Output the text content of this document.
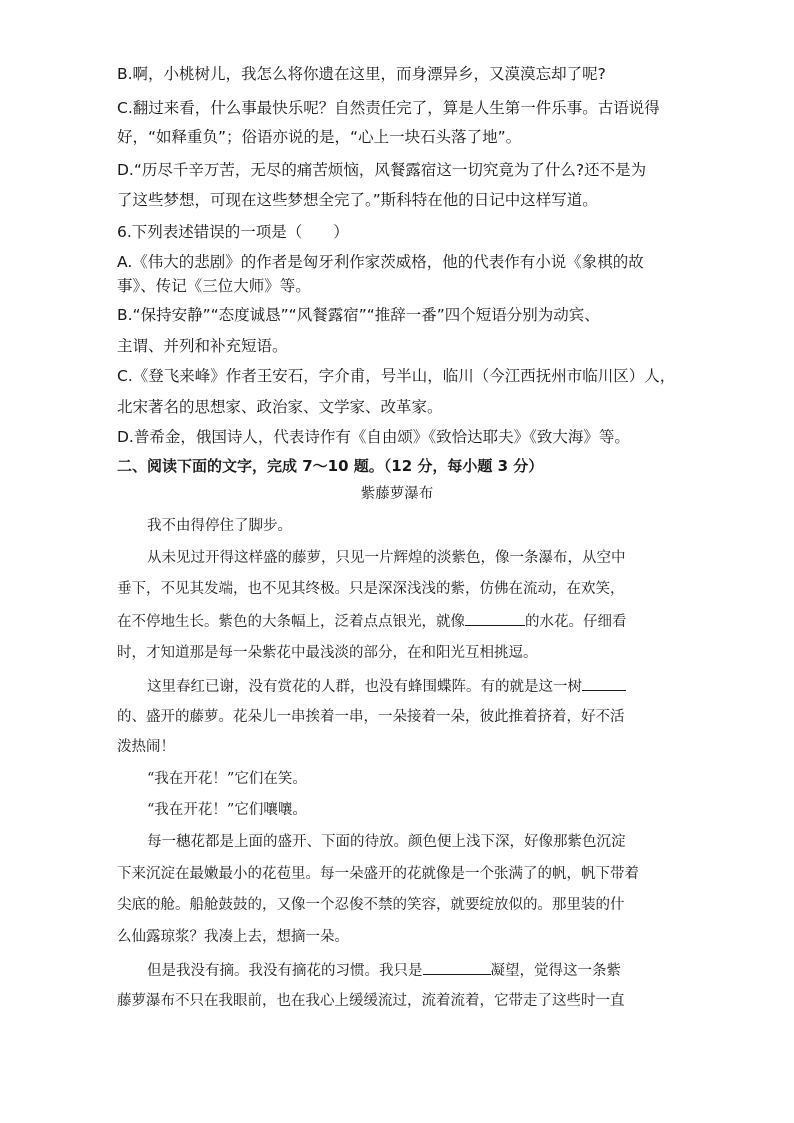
B.啊，小桃树儿，我怎么将你遗在这里，而身漂异乡，又漠漠忘却了呢?
C.翻过来看，什么事最快乐呢？自然责任完了，算是人生第一件乐事。古语说得
好，“如释重负”；俗语亦说的是，“心上一块石头落了地”。
D.“历尽千辛万苦，无尽的痛苦烦恼，风餐露宿这一切究竟为了什么?还不是为
了这些梦想，可现在这些梦想全完了。”斯科特在他的日记中这样写道。
6.下列表述错误的一项是（　　）
A.《伟大的悲剧》的作者是匈牙利作家茨威格，他的代表作有小说《象棋的故
事》、传记《三位大师》等。
B.“保持安静”“态度诚恳”“风餐露宿”“推辞一番”四个短语分别为动宾、
主谓、并列和补充短语。
C.《登飞来峰》作者王安石，字介甫，号半山，临川（今江西抚州市临川区）人，
北宋著名的思想家、政治家、文学家、改革家。
D.普希金，俄国诗人，代表诗作有《自由颂》《致恰达耶夫》《致大海》等。
二、阅读下面的文字，完成 7～10 题。（12 分，每小题 3 分）
紫藤萝瀑布
我不由得停住了脚步。
从未见过开得这样盛的藤萝，只见一片辉煌的淡紫色，像一条瀑布，从空中
垂下，不见其发端，也不见其终极。只是深深浅浅的紫，仿佛在流动，在欢笑，
在不停地生长。紫色的大条幅上，泛着点点银光，就像	的水花。仔细看
时，才知道那是每一朵紫花中最浅淡的部分，在和阳光互相挑逗。
这里春红已谢，没有赏花的人群，也没有蜂围蝶阵。有的就是这一树
的、盛开的藤萝。花朵儿一串挨着一串，一朵接着一朵，彼此推着挤着，好不活
泼热闹！
“我在开花！”它们在笑。
“我在开花！”它们嚷嚷。
每一穗花都是上面的盛开、下面的待放。颜色便上浅下深，好像那紫色沉淀
下来沉淀在最嫩最小的花苞里。每一朵盛开的花就像是一个张满了的帆，帆下带着
尖底的舱。船舱鼓鼓的，又像一个忍俊不禁的笑容，就要绽放似的。那里装的什
么仙露琼浆？我凑上去，想摘一朵。
但是我没有摘。我没有摘花的习惯。我只是	凝望，觉得这一条紫
藤萝瀑布不只在我眼前，也在我心上缓缓流过，流着流着，它带走了这些时一直
